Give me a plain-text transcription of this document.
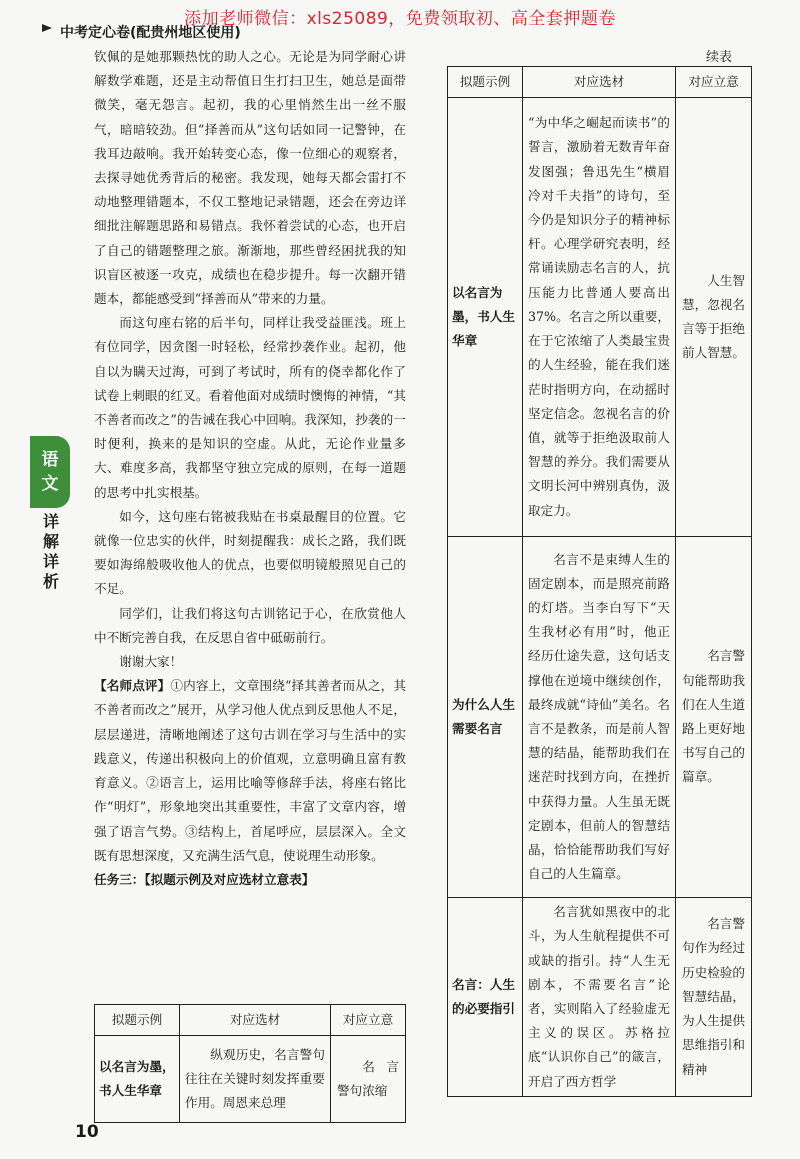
添加老师微信：xls25089，免费领取初、高全套押题卷
中考定心卷(配贵州地区使用)
语
文
详
解
详
析

钦佩的是她那颗热忱的助人之心。无论是为同学耐心讲解数学难题，还是主动帮值日生打扫卫生，她总是面带微笑，毫无怨言。起初，我的心里悄然生出一丝不服气，暗暗较劲。但“择善而从”这句话如同一记警钟，在我耳边敲响。我开始转变心态，像一位细心的观察者，去探寻她优秀背后的秘密。我发现，她每天都会雷打不动地整理错题本，不仅工整地记录错题，还会在旁边详细批注解题思路和易错点。我怀着尝试的心态，也开启了自己的错题整理之旅。渐渐地，那些曾经困扰我的知识盲区被逐一攻克，成绩也在稳步提升。每一次翻开错题本，都能感受到“择善而从”带来的力量。

而这句座右铭的后半句，同样让我受益匪浅。班上有位同学，因贪图一时轻松，经常抄袭作业。起初，他自以为瞒天过海，可到了考试时，所有的侥幸都化作了试卷上刺眼的红叉。看着他面对成绩时懊悔的神情，“其不善者而改之”的告诫在我心中回响。我深知，抄袭的一时便利，换来的是知识的空虚。从此，无论作业量多大、难度多高，我都坚守独立完成的原则，在每一道题的思考中扎实根基。

如今，这句座右铭被我贴在书桌最醒目的位置。它就像一位忠实的伙伴，时刻提醒我：成长之路，我们既要如海绵般吸收他人的优点，也要似明镜般照见自己的不足。

同学们，让我们将这句古训铭记于心，在欣赏他人中不断完善自我，在反思自省中砥砺前行。

谢谢大家！

【名师点评】①内容上，文章围绕“择其善者而从之，其不善者而改之”展开，从学习他人优点到反思他人不足，层层递进，清晰地阐述了这句古训在学习与生活中的实践意义，传递出积极向上的价值观，立意明确且富有教育意义。②语言上，运用比喻等修辞手法，将座右铭比作“明灯”，形象地突出其重要性，丰富了文章内容，增强了语言气势。③结构上，首尾呼应，层层深入。全文既有思想深度，又充满生活气息，使说理生动形象。

任务三：【拟题示例及对应选材立意表】

拟题示例	对应选材	对应立意
以名言为墨，书人生华章	纵观历史，名言警句往往在关键时刻发挥重要作用。周恩来总理	名言警句浓缩
续表
拟题示例	对应选材	对应立意
以名言为墨，书人生华章	“为中华之崛起而读书”的誓言，激励着无数青年奋发图强；鲁迅先生“横眉冷对千夫指”的诗句，至今仍是知识分子的精神标杆。心理学研究表明，经常诵读励志名言的人，抗压能力比普通人要高出37%。名言之所以重要，在于它浓缩了人类最宝贵的人生经验，能在我们迷茫时指明方向，在动摇时坚定信念。忽视名言的价值，就等于拒绝汲取前人智慧的养分。我们需要从文明长河中辨别真伪，汲取定力。	人生智慧，忽视名言等于拒绝前人智慧。
为什么人生需要名言	名言不是束缚人生的固定剧本，而是照亮前路的灯塔。当李白写下“天生我材必有用”时，他正经历仕途失意，这句话支撑他在逆境中继续创作，最终成就“诗仙”美名。名言不是教条，而是前人智慧的结晶，能帮助我们在迷茫时找到方向，在挫折中获得力量。人生虽无既定剧本，但前人的智慧结晶，恰恰能帮助我们写好自己的人生篇章。	名言警句能帮助我们在人生道路上更好地书写自己的篇章。
名言：人生的必要指引	名言犹如黑夜中的北斗，为人生航程提供不可或缺的指引。持“人生无剧本，不需要名言”论者，实则陷入了经验虚无主义的误区。苏格拉底“认识你自己”的箴言，开启了西方哲学	名言警句作为经过历史检验的智慧结晶，为人生提供思维指引和精神
10
